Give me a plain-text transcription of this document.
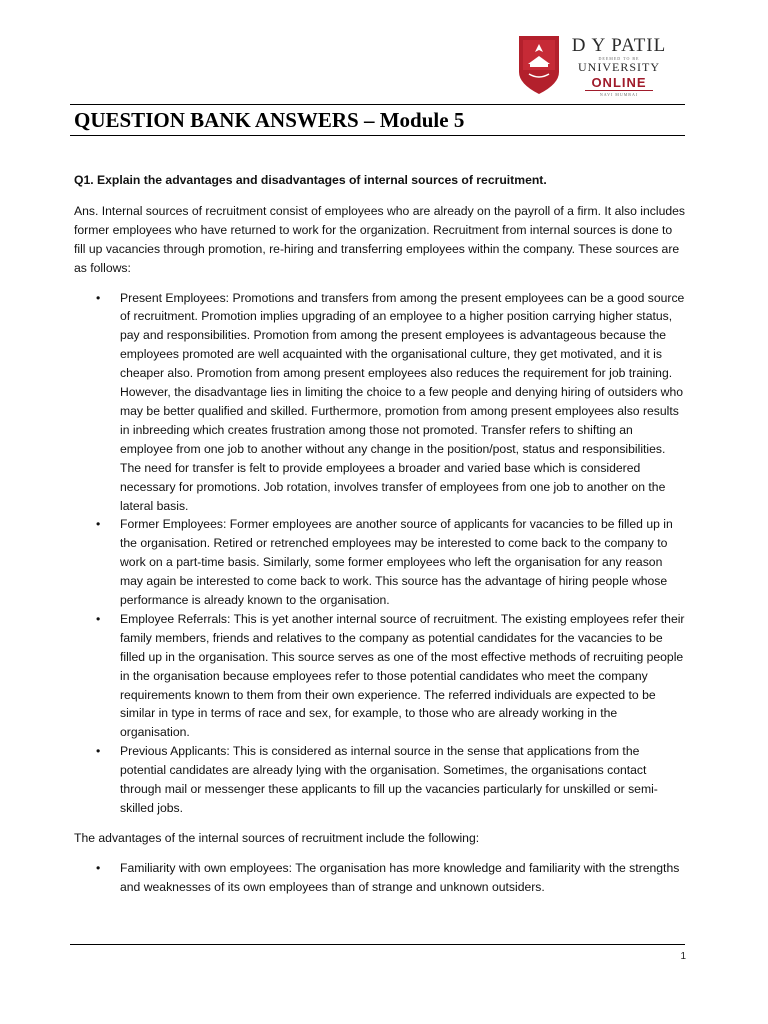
D Y PATIL
DEEMED TO BE
UNIVERSITY
ONLINE
NAVI MUMBAI
QUESTION BANK ANSWERS – Module 5

Q1. Explain the advantages and disadvantages of internal sources of recruitment.

Ans. Internal sources of recruitment consist of employees who are already on the payroll of a firm. It also includes former employees who have returned to work for the organization. Recruitment from internal sources is done to fill up vacancies through promotion, re-hiring and transferring employees within the company. These sources are as follows:

• Present Employees: Promotions and transfers from among the present employees can be a good source of recruitment. Promotion implies upgrading of an employee to a higher position carrying higher status, pay and responsibilities. Promotion from among the present employees is advantageous because the employees promoted are well acquainted with the organisational culture, they get motivated, and it is cheaper also. Promotion from among present employees also reduces the requirement for job training. However, the disadvantage lies in limiting the choice to a few people and denying hiring of outsiders who may be better qualified and skilled. Furthermore, promotion from among present employees also results in inbreeding which creates frustration among those not promoted. Transfer refers to shifting an employee from one job to another without any change in the position/post, status and responsibilities. The need for transfer is felt to provide employees a broader and varied base which is considered necessary for promotions. Job rotation, involves transfer of employees from one job to another on the lateral basis.
• Former Employees: Former employees are another source of applicants for vacancies to be filled up in the organisation. Retired or retrenched employees may be interested to come back to the company to work on a part-time basis. Similarly, some former employees who left the organisation for any reason may again be interested to come back to work. This source has the advantage of hiring people whose performance is already known to the organisation.
• Employee Referrals: This is yet another internal source of recruitment. The existing employees refer their family members, friends and relatives to the company as potential candidates for the vacancies to be filled up in the organisation. This source serves as one of the most effective methods of recruiting people in the organisation because employees refer to those potential candidates who meet the company requirements known to them from their own experience. The referred individuals are expected to be similar in type in terms of race and sex, for example, to those who are already working in the organisation.
• Previous Applicants: This is considered as internal source in the sense that applications from the potential candidates are already lying with the organisation. Sometimes, the organisations contact through mail or messenger these applicants to fill up the vacancies particularly for unskilled or semi-skilled jobs.

The advantages of the internal sources of recruitment include the following:

• Familiarity with own employees: The organisation has more knowledge and familiarity with the strengths and weaknesses of its own employees than of strange and unknown outsiders.
1
